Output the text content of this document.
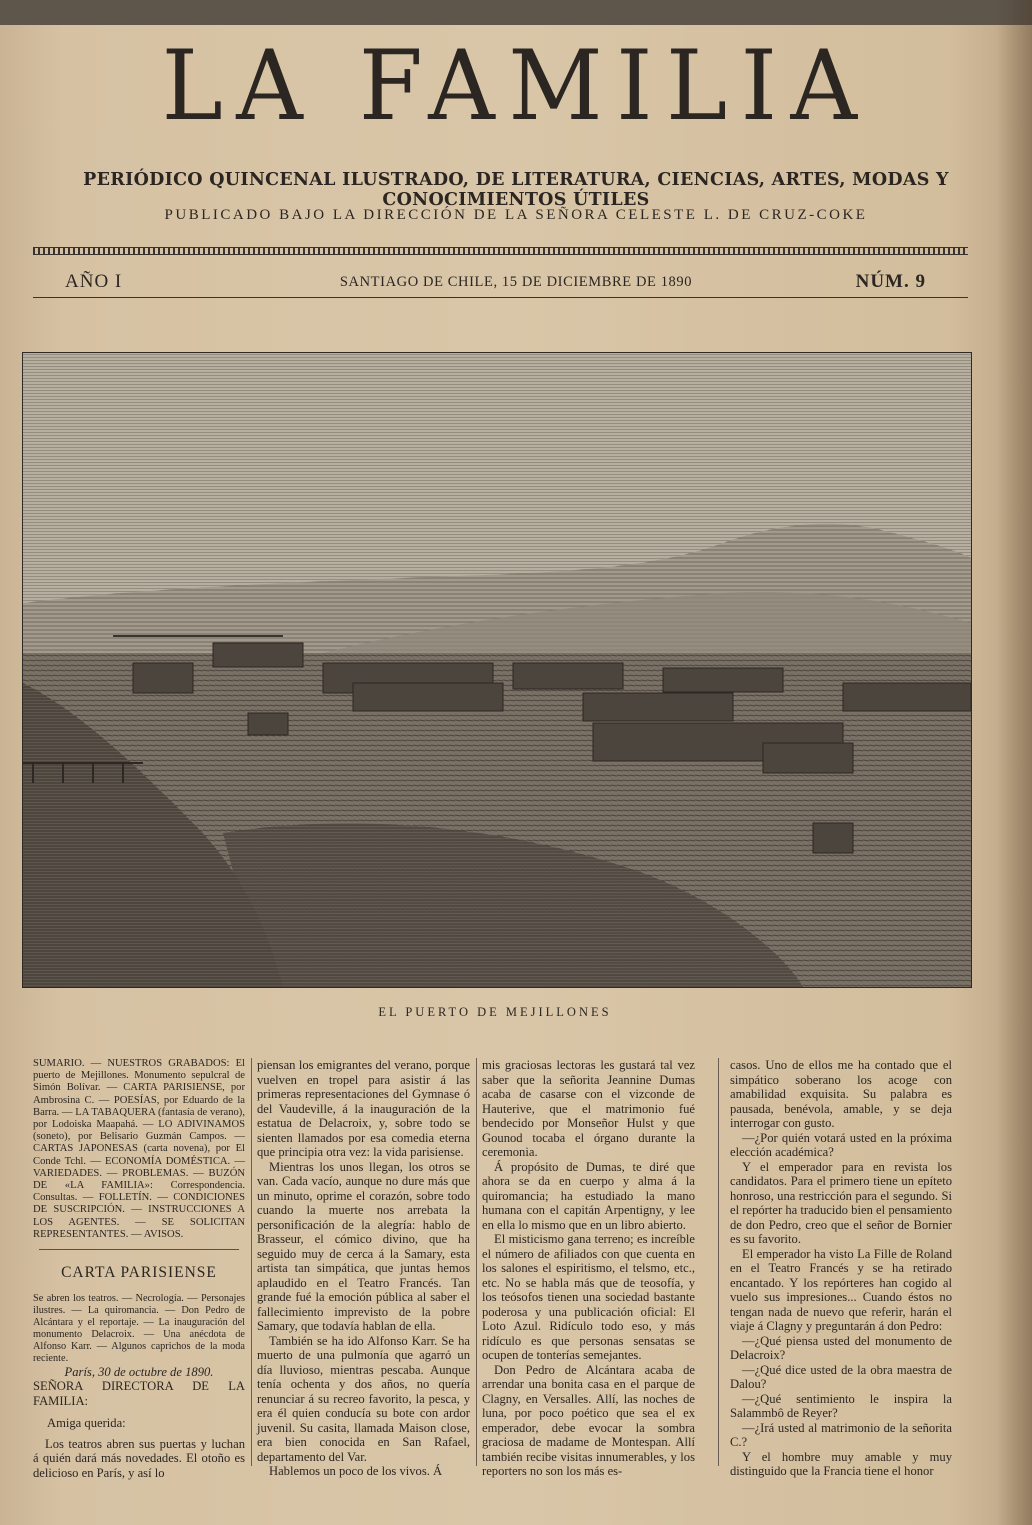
LA FAMILIA
PERIÓDICO QUINCENAL ILUSTRADO, DE LITERATURA, CIENCIAS, ARTES, MODAS Y CONOCIMIENTOS ÚTILES
PUBLICADO BAJO LA DIRECCIÓN DE LA SEÑORA CELESTE L. DE CRUZ-COKE
AÑO I	SANTIAGO DE CHILE, 15 DE DICIEMBRE DE 1890	NÚM. 9
EL PUERTO DE MEJILLONES

SUMARIO. — NUESTROS GRABADOS: El puerto de Mejillones. Monumento sepulcral de Simón Bolívar. — CARTA PARISIENSE, por Ambrosina C. — POESÍAS, por Eduardo de la Barra. — LA TABAQUERA (fantasía de verano), por Lodoiska Maapahá. — LO ADIVINAMOS (soneto), por Belisario Guzmán Campos. — CARTAS JAPONESAS (carta novena), por El Conde Tchl. — ECONOMÍA DOMÉSTICA. — VARIEDADES. — PROBLEMAS. — BUZÓN DE «LA FAMILIA»: Correspondencia. Consultas. — FOLLETÍN. — CONDICIONES DE SUSCRIPCIÓN. — INSTRUCCIONES A LOS AGENTES. — SE SOLICITAN REPRESENTANTES. — AVISOS.

CARTA PARISIENSE

Se abren los teatros. — Necrología. — Personajes ilustres. — La quiromancia. — Don Pedro de Alcántara y el reportaje. — La inauguración del monumento Delacroix. — Una anécdota de Alfonso Karr. — Algunos caprichos de la moda reciente.

París, 30 de octubre de 1890.

SEÑORA DIRECTORA DE LA FAMILIA:

Amiga querida:

Los teatros abren sus puertas y luchan á quién dará más novedades. El otoño es delicioso en París, y así lo

piensan los emigrantes del verano, porque vuelven en tropel para asistir á las primeras representaciones del Gymnase ó del Vaudeville, á la inauguración de la estatua de Delacroix, y, sobre todo se sienten llamados por esa comedia eterna que principia otra vez: la vida parisiense.

Mientras los unos llegan, los otros se van. Cada vacío, aunque no dure más que un minuto, oprime el corazón, sobre todo cuando la muerte nos arrebata la personificación de la alegría: hablo de Brasseur, el cómico divino, que ha seguido muy de cerca á la Samary, esta artista tan simpática, que juntas hemos aplaudido en el Teatro Francés. Tan grande fué la emoción pública al saber el fallecimiento imprevisto de la pobre Samary, que todavía hablan de ella.

También se ha ido Alfonso Karr. Se ha muerto de una pulmonía que agarró un día lluvioso, mientras pescaba. Aunque tenía ochenta y dos años, no quería renunciar á su recreo favorito, la pesca, y era él quien conducía su bote con ardor juvenil. Su casita, llamada Maison close, era bien conocida en San Rafael, departamento del Var.

Hablemos un poco de los vivos. Á

mis graciosas lectoras les gustará tal vez saber que la señorita Jeannine Dumas acaba de casarse con el vizconde de Hauterive, que el matrimonio fué bendecido por Monseñor Hulst y que Gounod tocaba el órgano durante la ceremonia.

Á propósito de Dumas, te diré que ahora se da en cuerpo y alma á la quiromancia; ha estudiado la mano humana con el capitán Arpentigny, y lee en ella lo mismo que en un libro abierto.

El misticismo gana terreno; es increíble el número de afiliados con que cuenta en los salones el espiritismo, el telsmo, etc., etc. No se habla más que de teosofía, y los teósofos tienen una sociedad bastante poderosa y una publicación oficial: El Loto Azul. Ridículo todo eso, y más ridículo es que personas sensatas se ocupen de tonterías semejantes.

Don Pedro de Alcántara acaba de arrendar una bonita casa en el parque de Clagny, en Versalles. Allí, las noches de luna, por poco poético que sea el ex emperador, debe evocar la sombra graciosa de madame de Montespan. Allí también recibe visitas innumerables, y los reporters no son los más es-

casos. Uno de ellos me ha contado que el simpático soberano los acoge con amabilidad exquisita. Su palabra es pausada, benévola, amable, y se deja interrogar con gusto.

—¿Por quién votará usted en la próxima elección académica?

Y el emperador para en revista los candidatos. Para el primero tiene un epíteto honroso, una restricción para el segundo. Si el repórter ha traducido bien el pensamiento de don Pedro, creo que el señor de Bornier es su favorito.

El emperador ha visto La Fille de Roland en el Teatro Francés y se ha retirado encantado. Y los repórteres han cogido al vuelo sus impresiones... Cuando éstos no tengan nada de nuevo que referir, harán el viaje á Clagny y preguntarán á don Pedro:

—¿Qué piensa usted del monumento de Delacroix?

—¿Qué dice usted de la obra maestra de Dalou?

—¿Qué sentimiento le inspira la Salammbô de Reyer?

—¿Irá usted al matrimonio de la señorita C.?

Y el hombre muy amable y muy distinguido que la Francia tiene el honor
